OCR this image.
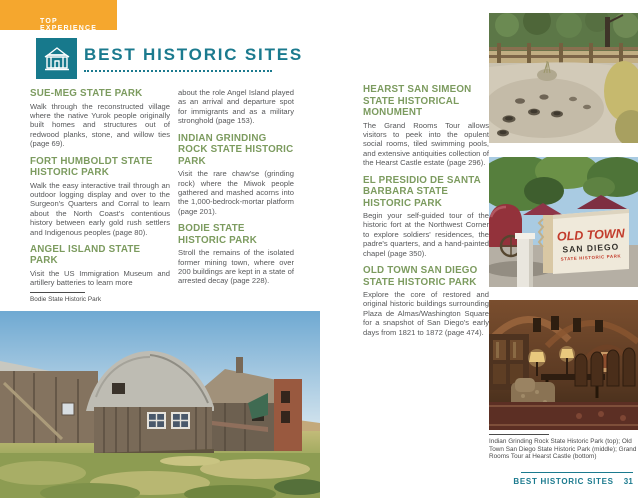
TOP EXPERIENCE
BEST HISTORIC SITES
SUE-MEG STATE PARK

Walk through the reconstructed village where the native Yurok people originally built homes and structures out of redwood planks, stone, and willow ties (page 69).

FORT HUMBOLDT STATE HISTORIC PARK

Walk the easy interactive trail through an outdoor logging display and over to the Surgeon's Quarters and Corral to learn about the North Coast's contentious history between early gold rush settlers and Indigenous peoples (page 80).

ANGEL ISLAND STATE PARK

Visit the US Immigration Museum and artillery batteries to learn more

about the role Angel Island played as an arrival and departure spot for immigrants and as a military stronghold (page 153).

INDIAN GRINDING ROCK STATE HISTORIC PARK

Visit the rare chaw'se (grinding rock) where the Miwok people gathered and mashed acorns into the 1,000-bedrock-mortar platform (page 201).

BODIE STATE HISTORIC PARK

Stroll the remains of the isolated former mining town, where over 200 buildings are kept in a state of arrested decay (page 228).

HEARST SAN SIMEON STATE HISTORICAL MONUMENT

The Grand Rooms Tour allows visitors to peek into the opulent social rooms, tiled swimming pools, and extensive antiquities collection of the Hearst Castle estate (page 296).

EL PRESIDIO DE SANTA BARBARA STATE HISTORIC PARK

Begin your self-guided tour of the historic fort at the Northwest Corner to explore soldiers' residences, the padre's quarters, and a hand-painted chapel (page 350).

OLD TOWN SAN DIEGO STATE HISTORIC PARK

Explore the core of restored and original historic buildings surrounding Plaza de Almas/Washington Square for a snapshot of San Diego's early days from 1821 to 1872 (page 474).

Bodie State Historic Park
OLD TOWN
SAN DIEGO
STATE HISTORIC PARK
Indian Grinding Rock State Historic Park (top); Old Town San Diego State Historic Park (middle); Grand Rooms Tour at Hearst Castle (bottom)
BEST HISTORIC SITES 31
